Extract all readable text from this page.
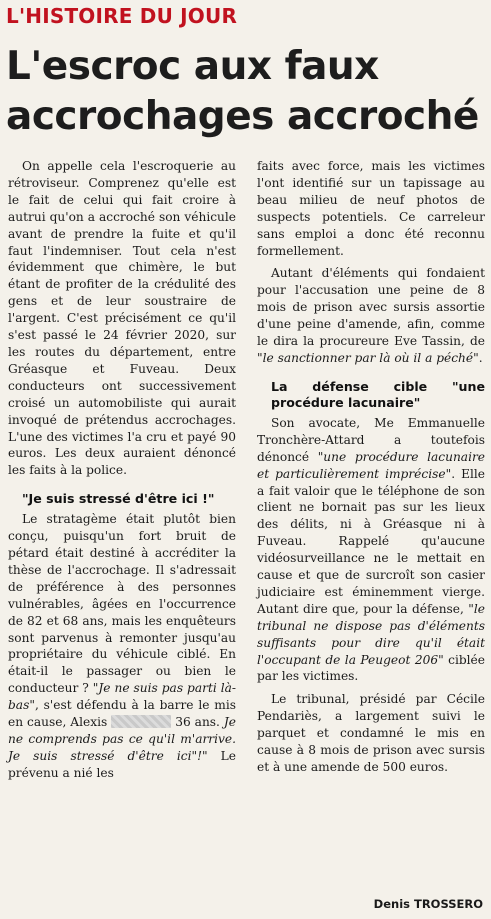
L'HISTOIRE DU JOUR
L'escroc aux faux accrochages accroché

On appelle cela l'escroquerie au rétroviseur. Comprenez qu'elle est le fait de celui qui fait croire à autrui qu'on a accroché son véhicule avant de prendre la fuite et qu'il faut l'indemniser. Tout cela n'est évidemment que chimère, le but étant de profiter de la crédulité des gens et de leur soustraire de l'argent. C'est précisément ce qu'il s'est passé le 24 février 2020, sur les routes du département, entre Gréasque et Fuveau. Deux conducteurs ont successivement croisé un automobiliste qui aurait invoqué de prétendus accrochages. L'une des victimes l'a cru et payé 90 euros. Les deux auraient dénoncé les faits à la police.

"Je suis stressé d'être ici !"

Le stratagème était plutôt bien conçu, puisqu'un fort bruit de pétard était destiné à accréditer la thèse de l'accrochage. Il s'adressait de préférence à des personnes vulnérables, âgées en l'occurrence de 82 et 68 ans, mais les enquêteurs sont parvenus à remonter jusqu'au propriétaire du véhicule ciblé. En était-il le passager ou bien le conducteur ? "Je ne suis pas parti là-bas", s'est défendu à la barre le mis en cause, Alexis	36 ans. Je ne comprends pas ce qu'il m'arrive. Je suis stressé d'être ici"!" Le prévenu a nié les

faits avec force, mais les victimes l'ont identifié sur un tapissage au beau milieu de neuf photos de suspects potentiels. Ce carreleur sans emploi a donc été reconnu formellement.

Autant d'éléments qui fondaient pour l'accusation une peine de 8 mois de prison avec sursis assortie d'une peine d'amende, afin, comme le dira la procureure Eve Tassin, de "le sanctionner par là où il a péché".

La défense cible "une procédure lacunaire"

Son avocate, Me Emmanuelle Tronchère-Attard a toutefois dénoncé "une procédure lacunaire et particulièrement imprécise". Elle a fait valoir que le téléphone de son client ne bornait pas sur les lieux des délits, ni à Gréasque ni à Fuveau. Rappelé qu'aucune vidéosurveillance ne le mettait en cause et que de surcroît son casier judiciaire est éminemment vierge. Autant dire que, pour la défense, "le tribunal ne dispose pas d'éléments suffisants pour dire qu'il était l'occupant de la Peugeot 206" ciblée par les victimes.

Le tribunal, présidé par Cécile Pendariès, a largement suivi le parquet et condamné le mis en cause à 8 mois de prison avec sursis et à une amende de 500 euros.

Denis TROSSERO
